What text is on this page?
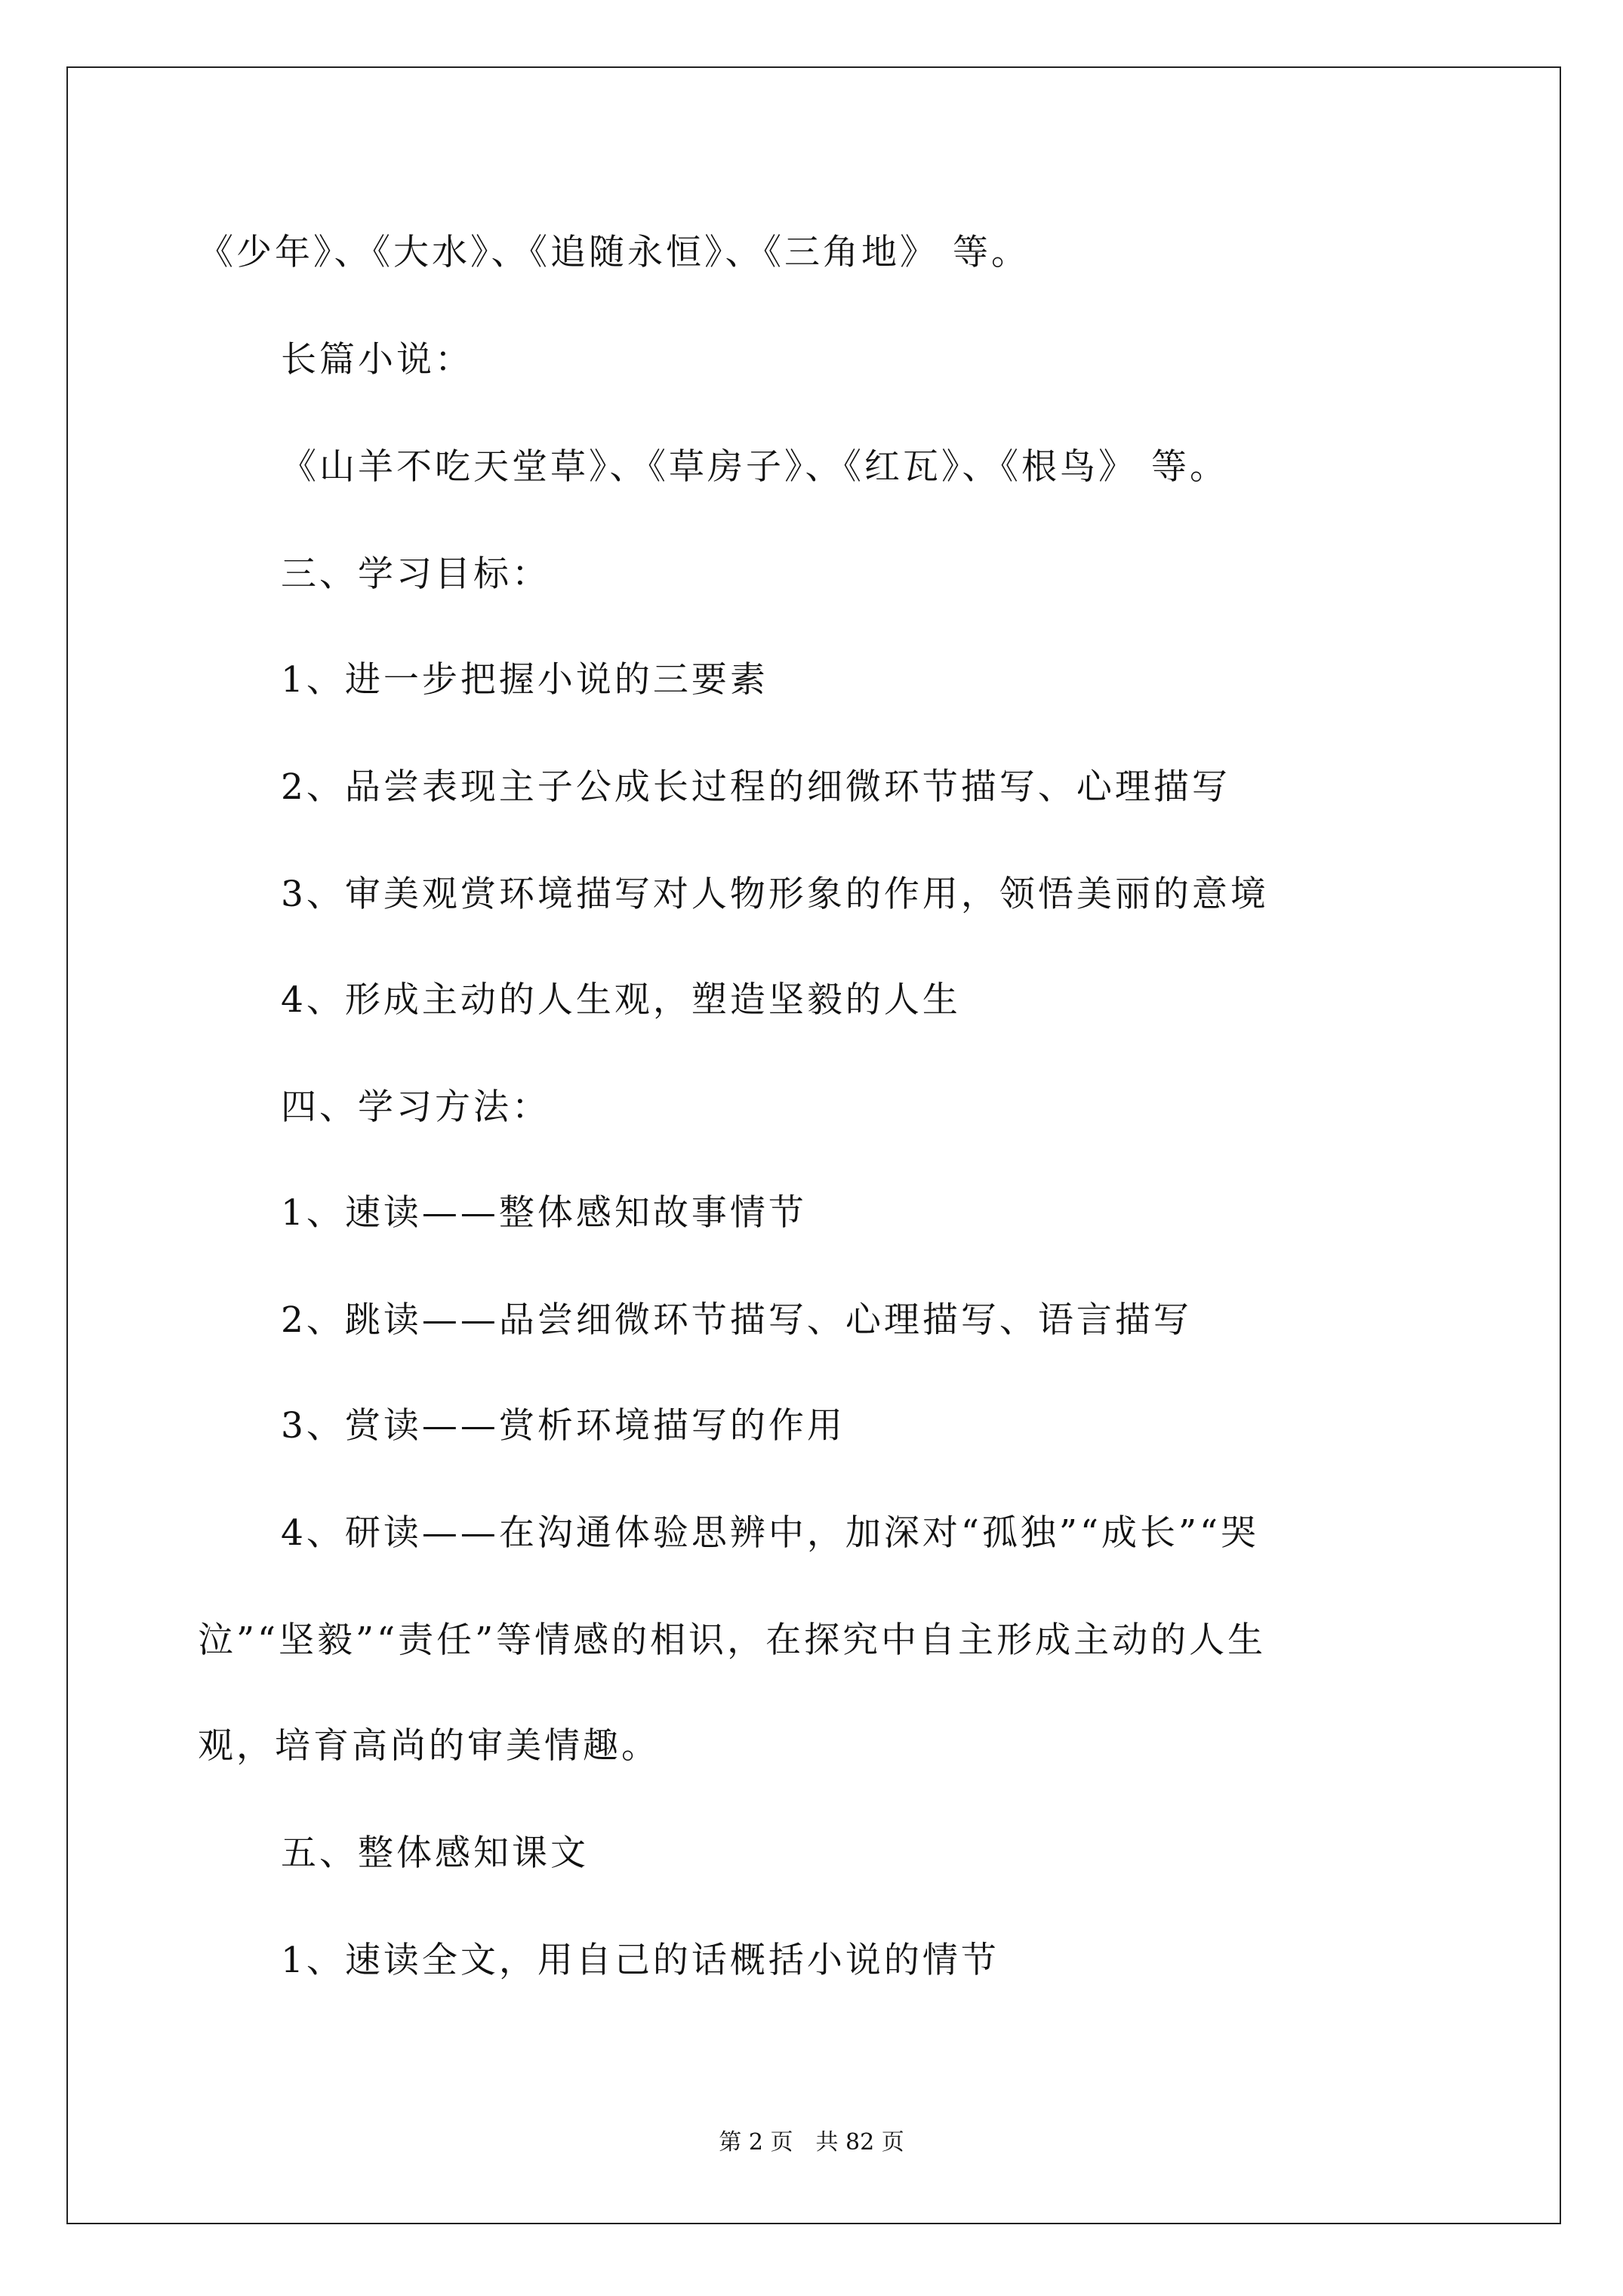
《少年》、《大水》、《追随永恒》、《三角地》 等。

长篇小说：

《山羊不吃天堂草》、《草房子》、《红瓦》、《根鸟》 等。

三、学习目标：

1、进一步把握小说的三要素

2、品尝表现主子公成长过程的细微环节描写、心理描写

3、审美观赏环境描写对人物形象的作用，领悟美丽的意境

4、形成主动的人生观，塑造坚毅的人生

四、学习方法：

1、速读——整体感知故事情节

2、跳读——品尝细微环节描写、心理描写、语言描写

3、赏读——赏析环境描写的作用

4、研读——在沟通体验思辨中，加深对“孤独”“成长”“哭

泣”“坚毅”“责任”等情感的相识，在探究中自主形成主动的人生

观，培育高尚的审美情趣。

五、整体感知课文

1、速读全文，用自己的话概括小说的情节

第 2 页　共 82 页
